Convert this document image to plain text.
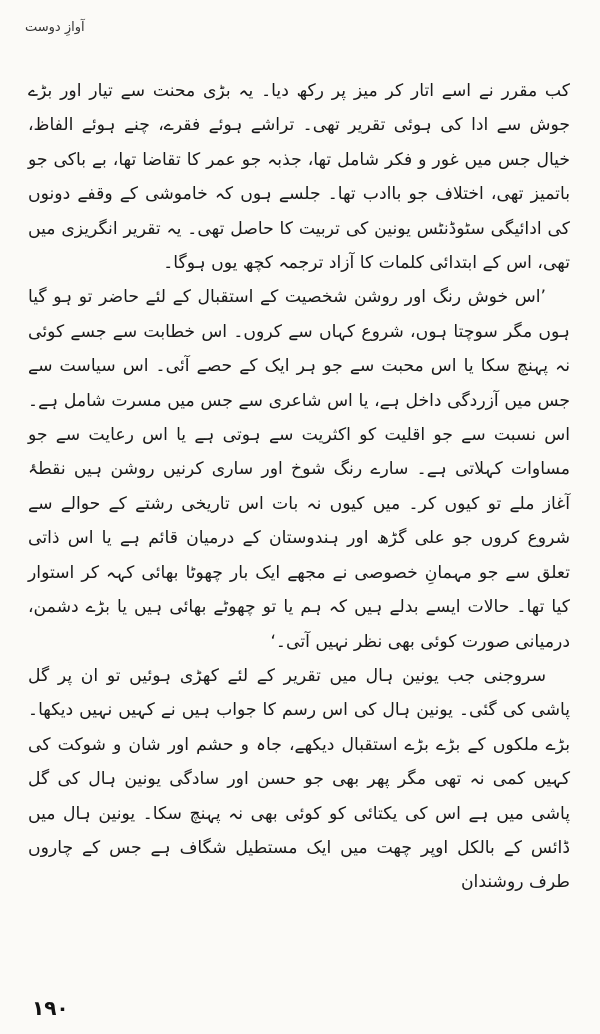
آوازِ دوست

کب مقرر نے اسے اتار کر میز پر رکھ دیا۔ یہ بڑی محنت سے تیار اور بڑے جوش سے ادا کی ہوئی تقریر تھی۔ تراشے ہوئے فقرے، چنے ہوئے الفاظ، خیال جس میں غور و فکر شامل تھا، جذبہ جو عمر کا تقاضا تھا، بے باکی جو باتمیز تھی، اختلاف جو باادب تھا۔ جلسے ہوں کہ خاموشی کے وقفے دونوں کی ادائیگی سٹوڈنٹس یونین کی تربیت کا حاصل تھی۔ یہ تقریر انگریزی میں تھی، اس کے ابتدائی کلمات کا آزاد ترجمہ کچھ یوں ہوگا۔

’اس خوش رنگ اور روشن شخصیت کے استقبال کے لئے حاضر تو ہو گیا ہوں مگر سوچتا ہوں، شروع کہاں سے کروں۔ اس خطابت سے جسے کوئی نہ پہنچ سکا یا اس محبت سے جو ہر ایک کے حصے آئی۔ اس سیاست سے جس میں آزردگی داخل ہے، یا اس شاعری سے جس میں مسرت شامل ہے۔ اس نسبت سے جو اقلیت کو اکثریت سے ہوتی ہے یا اس رعایت سے جو مساوات کہلاتی ہے۔ سارے رنگ شوخ اور ساری کرنیں روشن ہیں نقطۂ آغاز ملے تو کیوں کر۔ میں کیوں نہ بات اس تاریخی رشتے کے حوالے سے شروع کروں جو علی گڑھ اور ہندوستان کے درمیان قائم ہے یا اس ذاتی تعلق سے جو مہمانِ خصوصی نے مجھے ایک بار چھوٹا بھائی کہہ کر استوار کیا تھا۔ حالات ایسے بدلے ہیں کہ ہم یا تو چھوٹے بھائی ہیں یا بڑے دشمن، درمیانی صورت کوئی بھی نظر نہیں آتی۔‘

سروجنی جب یونین ہال میں تقریر کے لئے کھڑی ہوئیں تو ان پر گل پاشی کی گئی۔ یونین ہال کی اس رسم کا جواب ہیں نے کہیں نہیں دیکھا۔ بڑے ملکوں کے بڑے بڑے استقبال دیکھے، جاہ و حشم اور شان و شوکت کی کہیں کمی نہ تھی مگر پھر بھی جو حسن اور سادگی یونین ہال کی گل پاشی میں ہے اس کی یکتائی کو کوئی بھی نہ پہنچ سکا۔ یونین ہال میں ڈائس کے بالکل اوپر چھت میں ایک مستطیل شگاف ہے جس کے چاروں طرف روشندان

۱۹۰
